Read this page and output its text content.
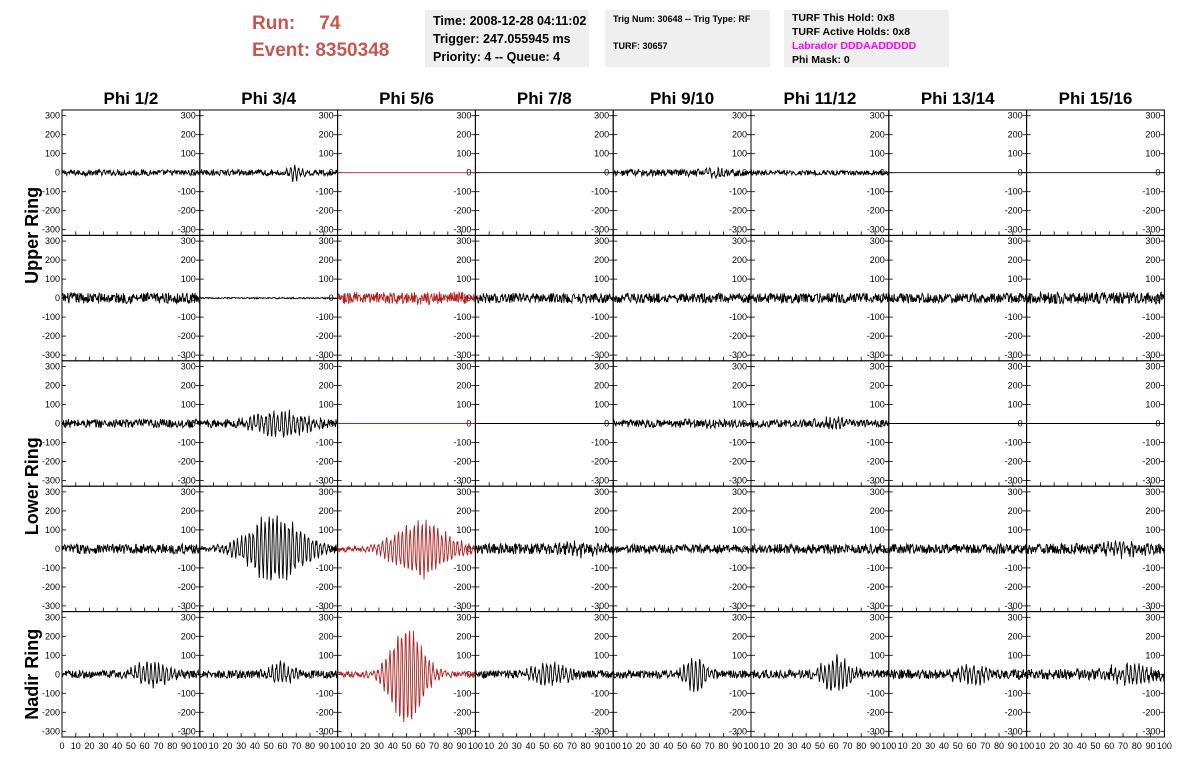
Run: 74
Event: 8350348
Time: 2008-12-28 04:11:02
Trigger: 247.055945 ms
Priority: 4 -- Queue: 4
Trig Num: 30648 -- Trig Type: RF
TURF: 30657
TURF This Hold: 0x8
TURF Active Holds: 0x8
Labrador DDDAADDDDD
Phi Mask: 0
Phi 1/2	Phi 3/4	Phi 5/6	Phi 7/8	Phi 9/10	Phi 11/12	Phi 13/14	Phi 15/16
Upper Ring
Lower Ring
Nadir Ring
300	300
200	200
100	100
0	0
-100	-100
-200	-200
-300	-300
300
200
100
0
-100
-200
-300
300
200
100
0
-100
-200
-300
300
200
100
0
-100
-200
-300
300
200
100
0
-100
-200
-300
300
200
100
0
-100
-200
-300
300
200
100
0
-100
-200
-300
300
200
100
0
-100
-200
-300
300	300
200	200
100	100
0	0
-100	-100
-200	-200
-300	-300
300
200
100
0
-100
-200
-300
300
200
100
0
-100
-200
-300
300
200
100
0
-100
-200
-300
300
200
100
0
-100
-200
-300
300
200
100
0
-100
-200
-300
300
200
100
0
-100
-200
-300
300
200
100
0
-100
-200
-300
300	300
200	200
100	100
0	0
-100	-100
-200	-200
-300	-300
300
200
100
0
-100
-200
-300
300
200
100
0
-100
-200
-300
300
200
100
0
-100
-200
-300
300
200
100
0
-100
-200
-300
300
200
100
0
-100
-200
-300
300
200
100
0
-100
-200
-300
300
200
100
0
-100
-200
-300
300	300
200	200
100	100
0	0
-100	-100
-200	-200
-300	-300
300
200
100
0
-100
-200
-300
300
200
100
0
-100
-200
-300
300
200
100
0
-100
-200
-300
300
200
100
0
-100
-200
-300
300
200
100
0
-100
-200
-300
300
200
100
0
-100
-200
-300
300
200
100
0
-100
-200
-300
300	300
200	200
100	100
0	0
-100	-100
-200	-200
-300	-300
300
200
100
0
-100
-200
-300
300
200
100
0
-100
-200
-300
300
200
100
0
-100
-200
-300
300
200
100
0
-100
-200
-300
300
200
100
0
-100
-200
-300
300
200
100
0
-100
-200
-300
300
200
100
0
-100
-200
-300
0 10 20 30 40 50 60 70 80 90 100 10 20 30 40 50 60 70 80 90 100 10 20 30 40 50 60 70 80 90 100 10 20 30 40 50 60 70 80 90 100 10 20 30 40 50 60 70 80 90 100 10 20 30 40 50 60 70 80 90 100 10 20 30 40 50 60 70 80 90 100 10 20 30 40 50 60 70 80 90 100
